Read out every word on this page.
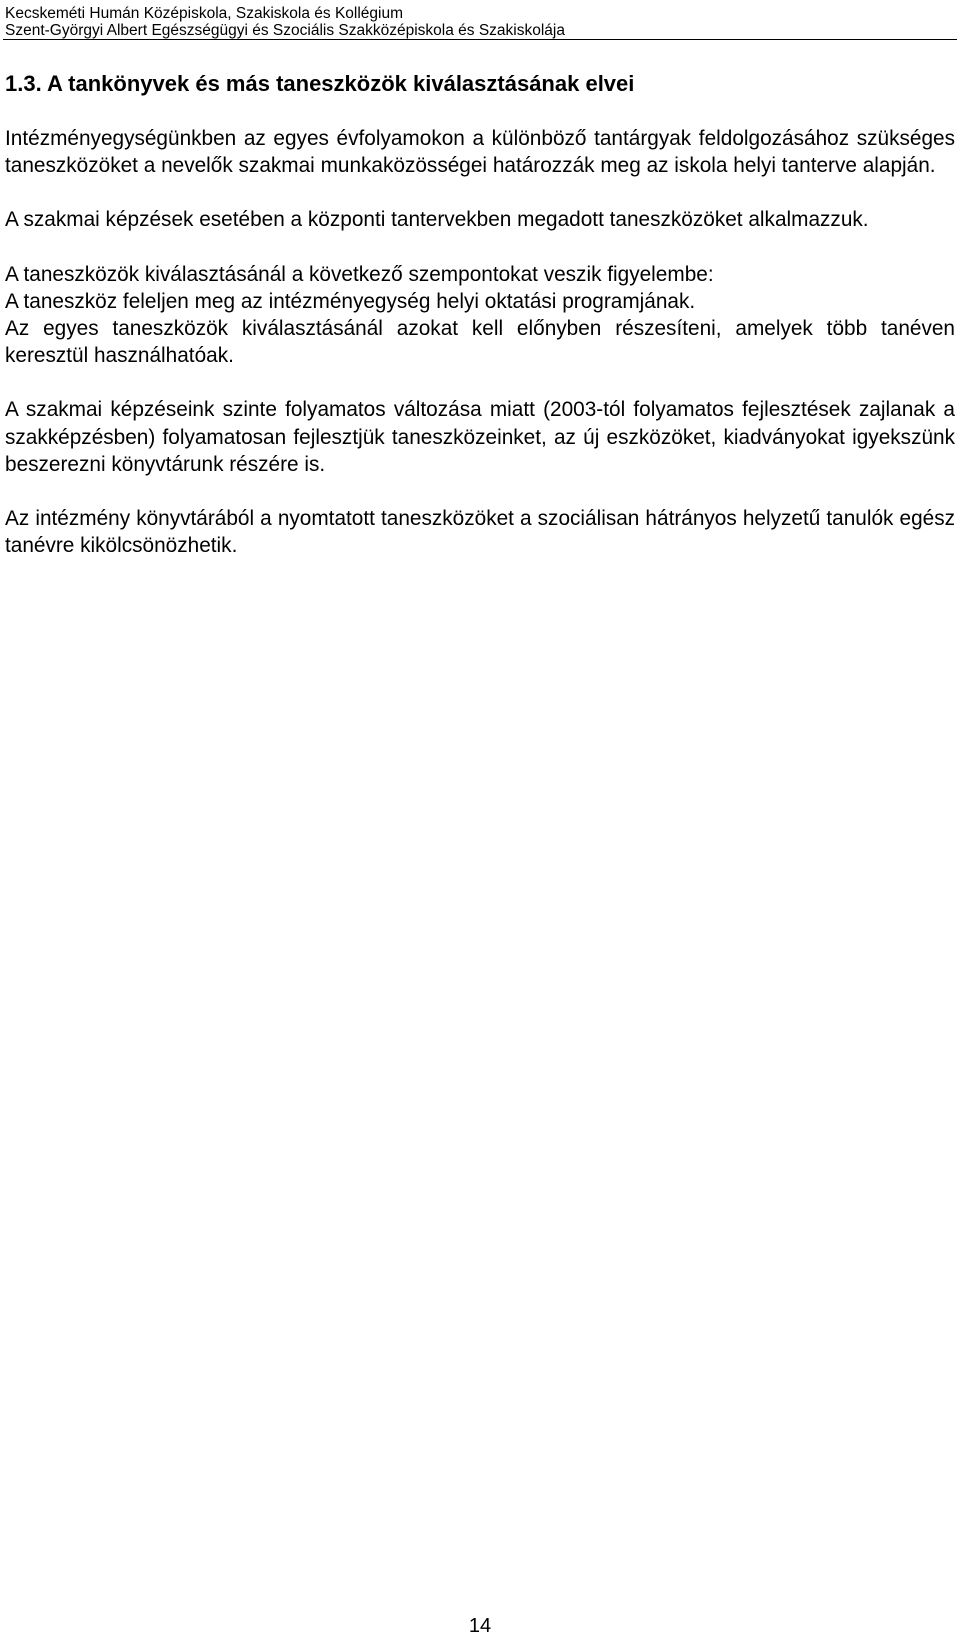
Kecskeméti Humán Középiskola, Szakiskola és Kollégium
Szent-Györgyi Albert Egészségügyi és Szociális Szakközépiskola és Szakiskolája
1.3. A tankönyvek és más taneszközök kiválasztásának elvei

Intézményegységünkben az egyes évfolyamokon a különböző tantárgyak feldolgozásához szükséges taneszközöket a nevelők szakmai munkaközösségei határozzák meg az iskola helyi tanterve alapján.

A szakmai képzések esetében a központi tantervekben megadott taneszközöket alkalmazzuk.

A taneszközök kiválasztásánál a következő szempontokat veszik figyelembe:

A taneszköz feleljen meg az intézményegység helyi oktatási programjának.

Az egyes taneszközök kiválasztásánál azokat kell előnyben részesíteni, amelyek több tanéven keresztül használhatóak.

A szakmai képzéseink szinte folyamatos változása miatt (2003-tól folyamatos fejlesztések zajlanak a szakképzésben) folyamatosan fejlesztjük taneszközeinket, az új eszközöket, kiadványokat igyekszünk beszerezni könyvtárunk részére is.

Az intézmény könyvtárából a nyomtatott taneszközöket a szociálisan hátrányos helyzetű tanulók egész tanévre kikölcsönözhetik.

14
